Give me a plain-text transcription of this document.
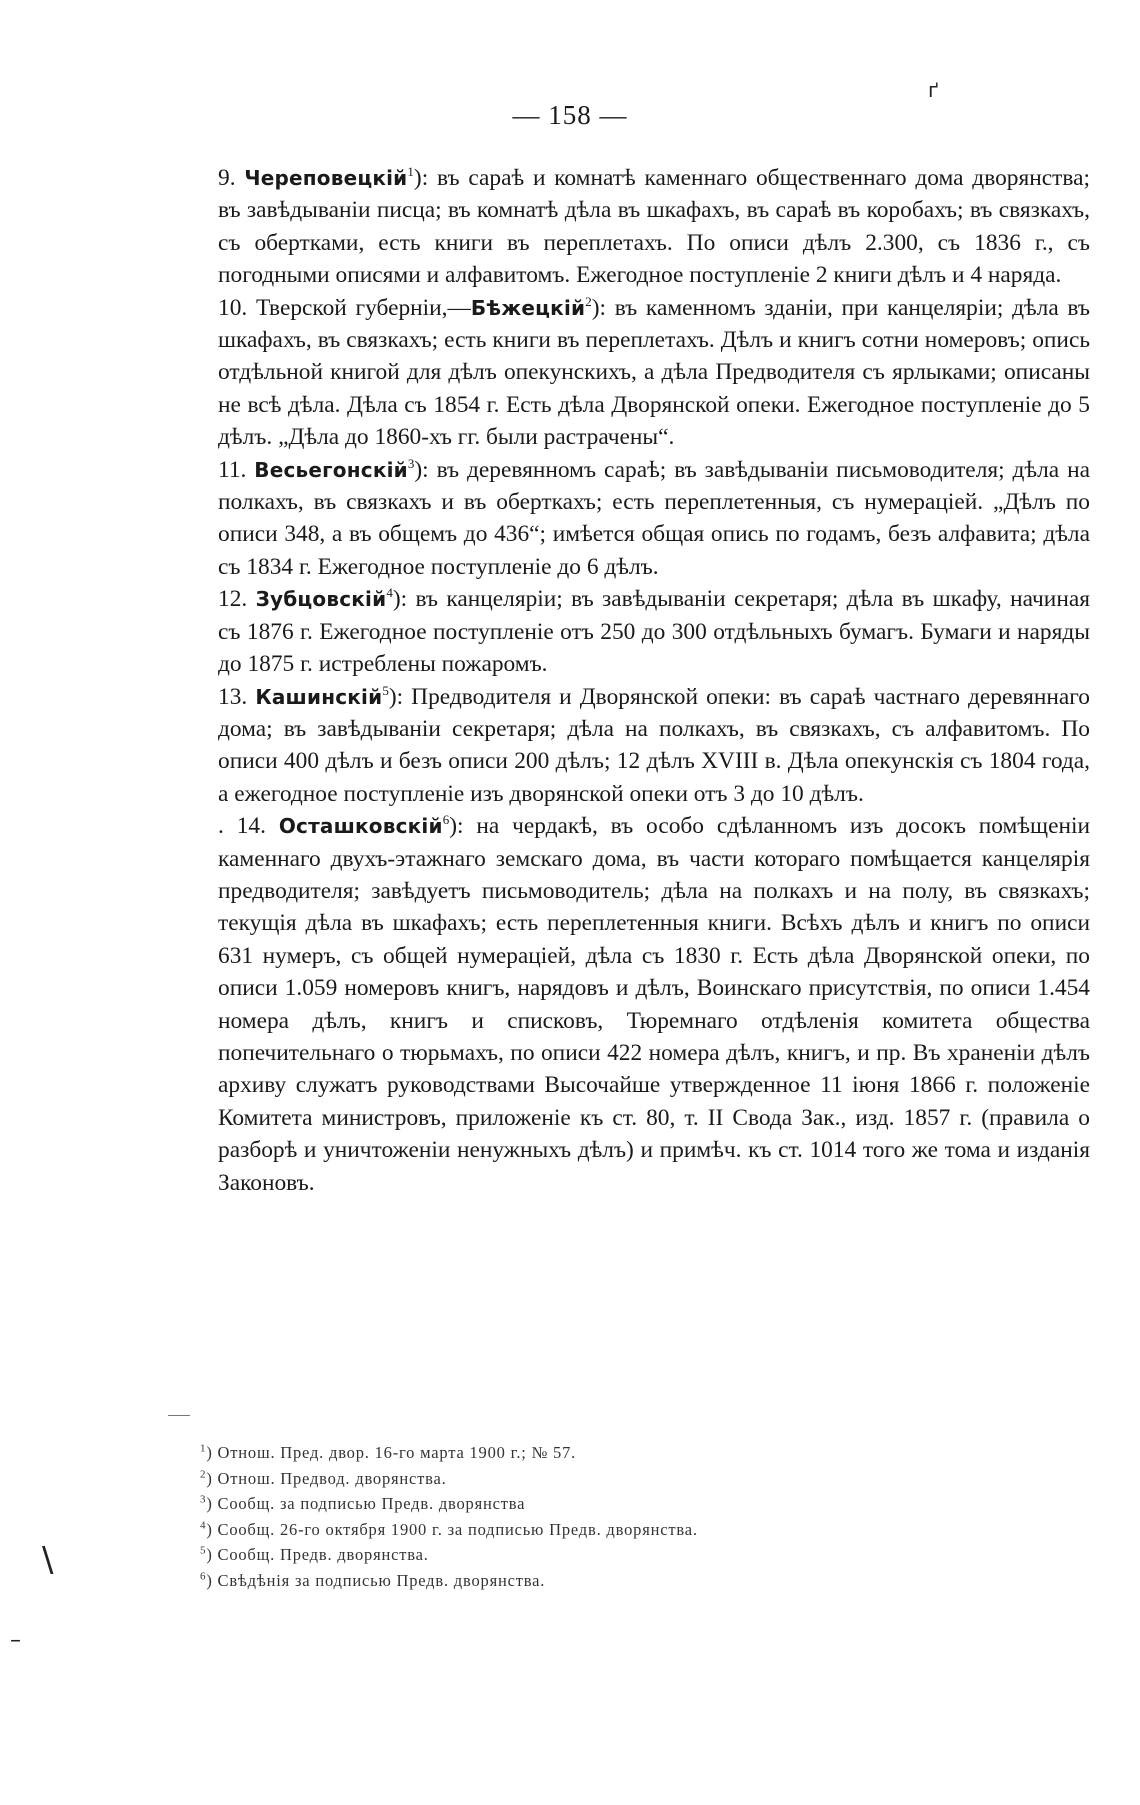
ґ
— 158 —

9. Череповецкій$^1$): въ сараѣ и комнатѣ каменнаго общественнаго дома дворянства; въ завѣдываніи писца; въ комнатѣ дѣла въ шкафахъ, въ сараѣ въ коробахъ; въ связкахъ, съ обертками, есть книги въ переплетахъ. По описи дѣлъ 2.300, съ 1836 г., съ погодными описями и алфавитомъ. Ежегодное поступленіе 2 книги дѣлъ и 4 наряда.

10. Тверской губерніи,—Бѣжецкій$^2$): въ каменномъ зданіи, при канцеляріи; дѣла въ шкафахъ, въ связкахъ; есть книги въ переплетахъ. Дѣлъ и книгъ сотни номеровъ; опись отдѣльной книгой для дѣлъ опекунскихъ, а дѣла Предводителя съ ярлыками; описаны не всѣ дѣла. Дѣла съ 1854 г. Есть дѣла Дворянской опеки. Ежегодное поступленіе до 5 дѣлъ. „Дѣла до 1860-хъ гг. были растрачены“.

11. Весьегонскій$^3$): въ деревянномъ сараѣ; въ завѣдываніи письмоводителя; дѣла на полкахъ, въ связкахъ и въ оберткахъ; есть переплетенныя, съ нумераціей. „Дѣлъ по описи 348, а въ общемъ до 436“; имѣется общая опись по годамъ, безъ алфавита; дѣла съ 1834 г. Ежегодное поступленіе до 6 дѣлъ.

12. Зубцовскій$^4$): въ канцеляріи; въ завѣдываніи секретаря; дѣла въ шкафу, начиная съ 1876 г. Ежегодное поступленіе отъ 250 до 300 отдѣльныхъ бумагъ. Бумаги и наряды до 1875 г. истреблены пожаромъ.

13. Кашинскій$^5$): Предводителя и Дворянской опеки: въ сараѣ частнаго деревяннаго дома; въ завѣдываніи секретаря; дѣла на полкахъ, въ связкахъ, съ алфавитомъ. По описи 400 дѣлъ и безъ описи 200 дѣлъ; 12 дѣлъ XVIII в. Дѣла опекунскія съ 1804 года, а ежегодное поступленіе изъ дворянской опеки отъ 3 до 10 дѣлъ.

. 14. Осташковскій$^6$): на чердакѣ, въ особо сдѣланномъ изъ досокъ помѣщеніи каменнаго двухъ-этажнаго земскаго дома, въ части котораго помѣщается канцелярія предводителя; завѣдуетъ письмоводитель; дѣла на полкахъ и на полу, въ связкахъ; текущія дѣла въ шкафахъ; есть переплетенныя книги. Всѣхъ дѣлъ и книгъ по описи 631 нумеръ, съ общей нумераціей, дѣла съ 1830 г. Есть дѣла Дворянской опеки, по описи 1.059 номеровъ книгъ, нарядовъ и дѣлъ, Воинскаго присутствія, по описи 1.454 номера дѣлъ, книгъ и списковъ, Тюремнаго отдѣленія комитета общества попечительнаго о тюрьмахъ, по описи 422 номера дѣлъ, книгъ, и пр. Въ храненіи дѣлъ архиву служатъ руководствами Высочайше утвержденное 11 іюня 1866 г. положеніе Комитета министровъ, приложеніе къ ст. 80, т. II Свода Зак., изд. 1857 г. (правила о разборѣ и уничтоженіи ненужныхъ дѣлъ) и примѣч. къ ст. 1014 того же тома и изданія Законовъ.

$^1$) Отнош. Пред. двор. 16-го марта 1900 г.; № 57.
$^2$) Отнош. Предвод. дворянства.
$^3$) Сообщ. за подписью Предв. дворянства
$^4$) Сообщ. 26-го октября 1900 г. за подписью Предв. дворянства.
$^5$) Сообщ. Предв. дворянства.
$^6$) Свѣдѣнія за подписью Предв. дворянства.
\
–
